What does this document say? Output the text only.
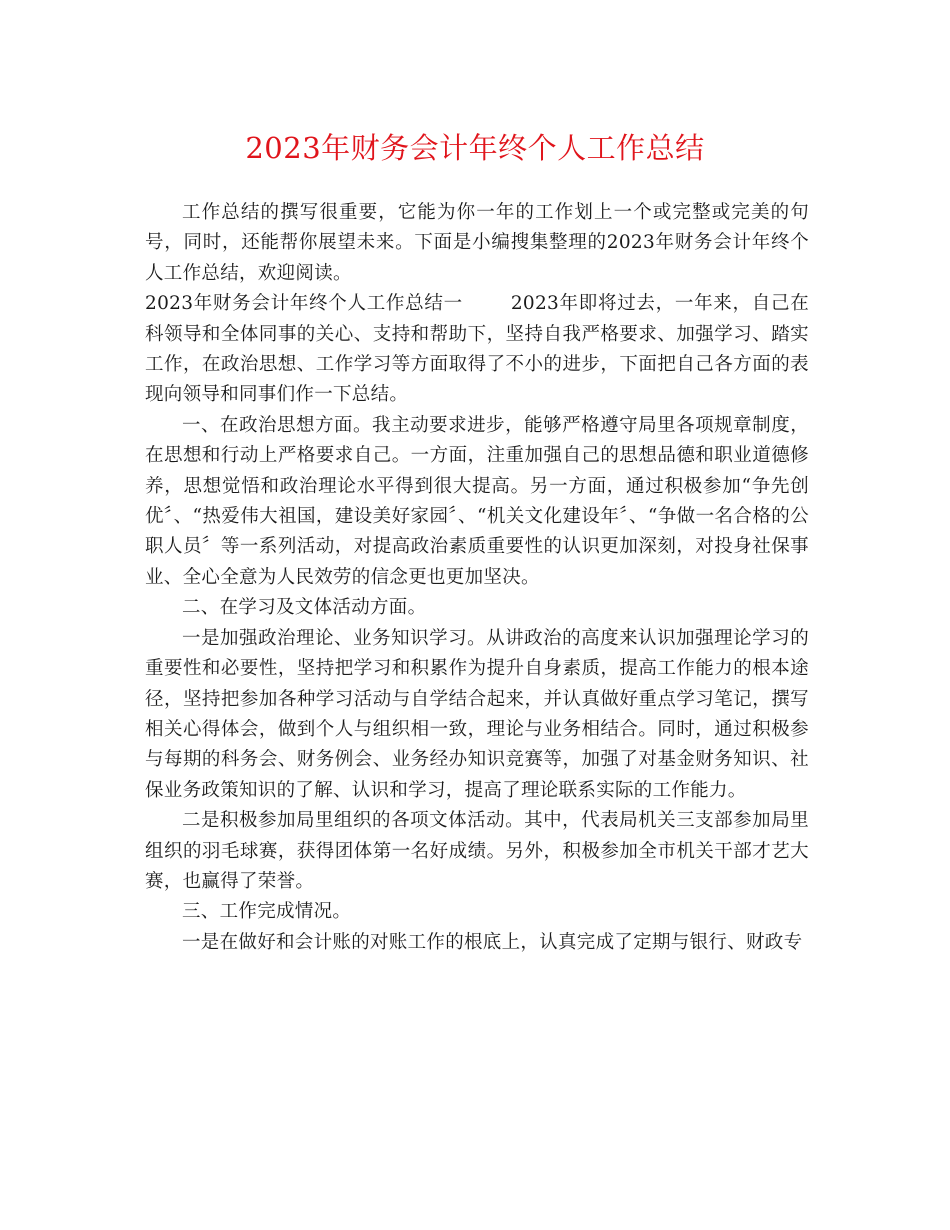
2023年财务会计年终个人工作总结

工作总结的撰写很重要，它能为你一年的工作划上一个或完整或完美的句号，同时，还能帮你展望未来。下面是小编搜集整理的2023年财务会计年终个人工作总结，欢迎阅读。

2023年财务会计年终个人工作总结一	2023年即将过去，一年来，自己在科领导和全体同事的关心、支持和帮助下，坚持自我严格要求、加强学习、踏实工作，在政治思想、工作学习等方面取得了不小的进步，下面把自己各方面的表现向领导和同事们作一下总结。

一、在政治思想方面。我主动要求进步，能够严格遵守局里各项规章制度，在思想和行动上严格要求自己。一方面，注重加强自己的思想品德和职业道德修养，思想觉悟和政治理论水平得到很大提高。另一方面，通过积极参加“争先创优〞、“热爱伟大祖国，建设美好家园〞、“机关文化建设年〞、“争做一名合格的公职人员〞等一系列活动，对提高政治素质重要性的认识更加深刻，对投身社保事业、全心全意为人民效劳的信念更也更加坚决。

二、在学习及文体活动方面。

一是加强政治理论、业务知识学习。从讲政治的高度来认识加强理论学习的重要性和必要性，坚持把学习和积累作为提升自身素质，提高工作能力的根本途径，坚持把参加各种学习活动与自学结合起来，并认真做好重点学习笔记，撰写相关心得体会，做到个人与组织相一致，理论与业务相结合。同时，通过积极参与每期的科务会、财务例会、业务经办知识竞赛等，加强了对基金财务知识、社保业务政策知识的了解、认识和学习，提高了理论联系实际的工作能力。

二是积极参加局里组织的各项文体活动。其中，代表局机关三支部参加局里组织的羽毛球赛，获得团体第一名好成绩。另外，积极参加全市机关干部才艺大赛，也赢得了荣誉。

三、工作完成情况。

一是在做好和会计账的对账工作的根底上，认真完成了定期与银行、财政专
